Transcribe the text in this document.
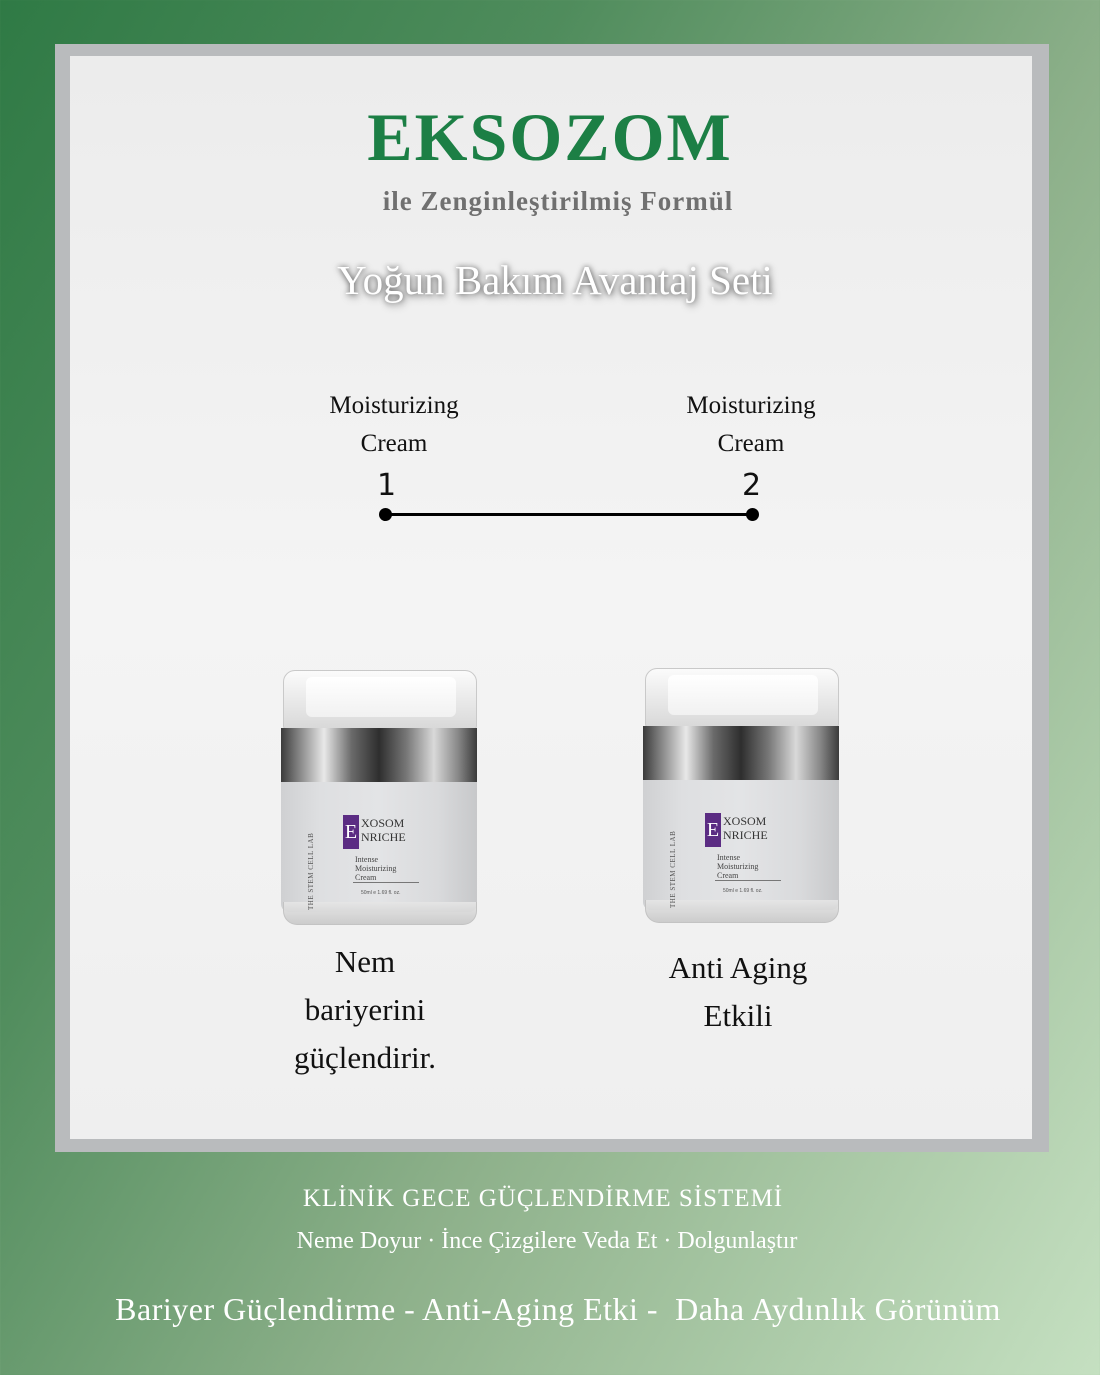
EKSOZOM
ile Zenginleştirilmiş Formül
Yoğun Bakım Avantaj Seti
Moisturizing
Cream
Moisturizing
Cream
1	2
THE STEM CELL LAB
E XOSOM
NRICHE
Intense
Moisturizing
Cream
50ml e 1.69 fl. oz.	THE STEM CELL LAB
E XOSOM
NRICHE
Intense
Moisturizing
Cream
50ml e 1.69 fl. oz.
Nem
bariyerini
güçlendirir.
Anti Aging
Etkili
KLİNİK GECE GÜÇLENDİRME SİSTEMİ
Neme Doyur · İnce Çizgilere Veda Et · Dolgunlaştır
Bariyer Güçlendirme - Anti-Aging Etki -  Daha Aydınlık Görünüm
